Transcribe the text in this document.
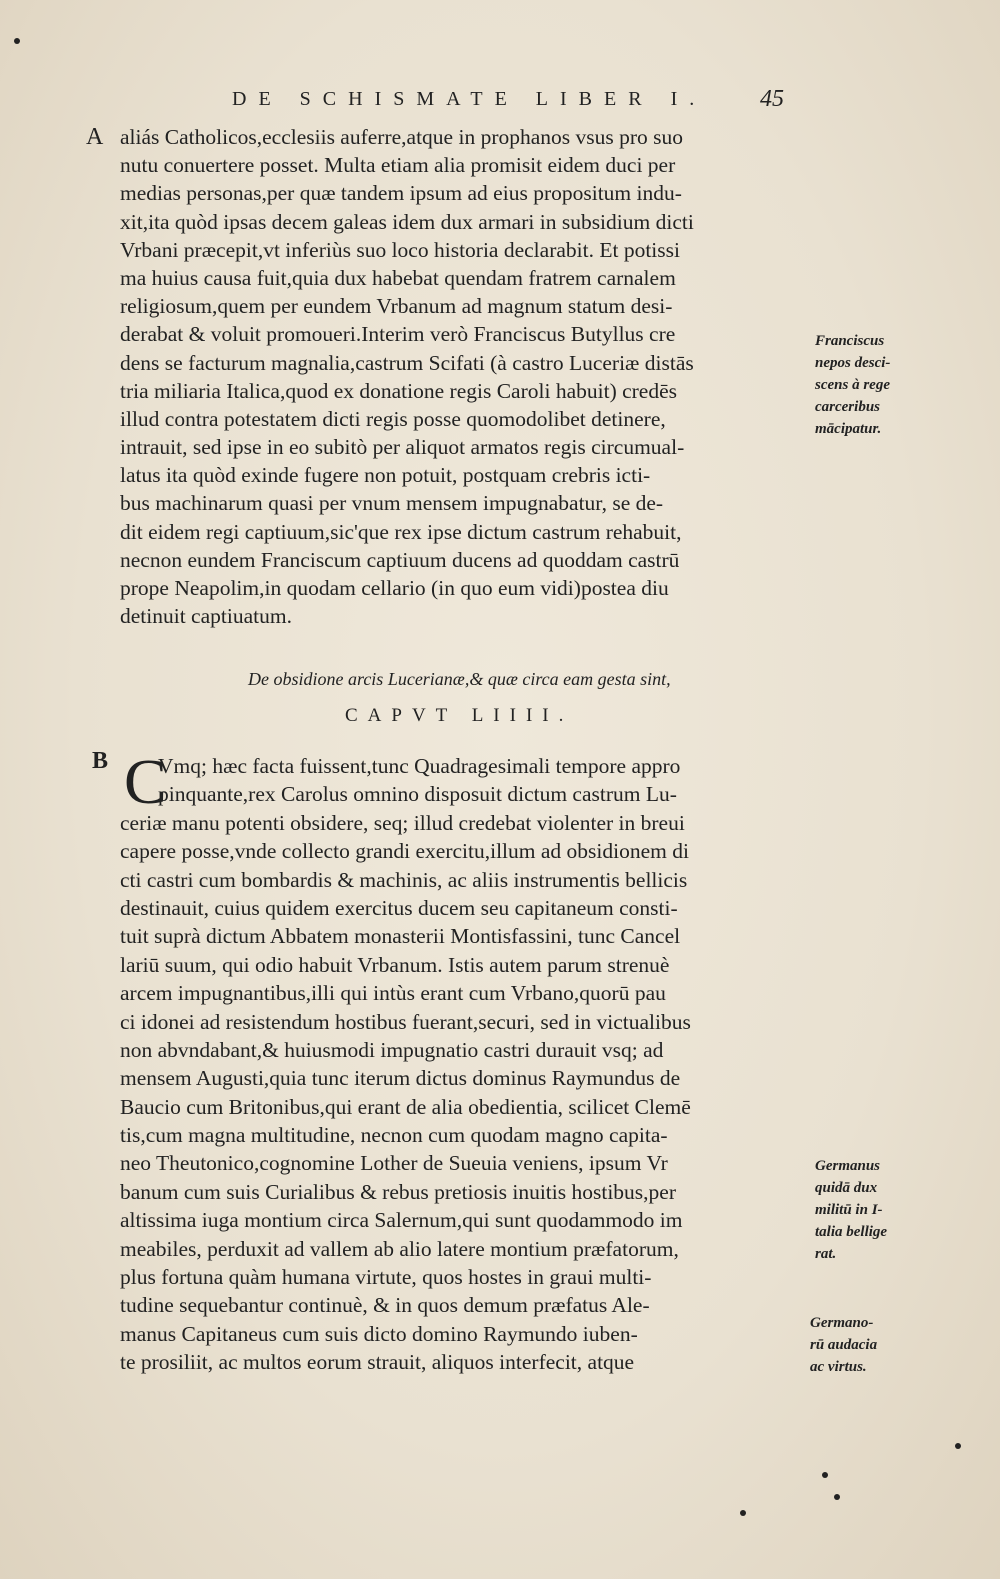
DE SCHISMATE LIBER I. 45
A
B
aliás Catholicos,ecclesiis auferre,atque in prophanos vsus pro suo
nutu conuertere posset. Multa etiam alia promisit eidem duci per
medias personas,per quæ tandem ipsum ad eius propositum indu-
xit,ita quòd ipsas decem galeas idem dux armari in subsidium dicti
Vrbani præcepit,vt inferiùs suo loco historia declarabit. Et potissi
ma huius causa fuit,quia dux habebat quendam fratrem carnalem
religiosum,quem per eundem Vrbanum ad magnum statum desi-
derabat & voluit promoueri.Interim verò Franciscus Butyllus cre
dens se facturum magnalia,castrum Scifati (à castro Luceriæ distās
tria miliaria Italica,quod ex donatione regis Caroli habuit) credēs
illud contra potestatem dicti regis posse quomodolibet detinere,
intrauit, sed ipse in eo subitò per aliquot armatos regis circumual-
latus ita quòd exinde fugere non potuit, postquam crebris icti-
bus machinarum quasi per vnum mensem impugnabatur, se de-
dit eidem regi captiuum,sic'que rex ipse dictum castrum rehabuit,
necnon eundem Franciscum captiuum ducens ad quoddam castrū
prope Neapolim,in quodam cellario (in quo eum vidi)postea diu
detinuit captiuatum.
De obsidione arcis Lucerianæ,& quæ circa eam gesta sint,
CAPVT LIIII.
C
Vmq; hæc facta fuissent,tunc Quadragesimali tempore appro
pinquante,rex Carolus omnino disposuit dictum castrum Lu-
ceriæ manu potenti obsidere, seq; illud credebat violenter in breui
capere posse,vnde collecto grandi exercitu,illum ad obsidionem di
cti castri cum bombardis & machinis, ac aliis instrumentis bellicis
destinauit, cuius quidem exercitus ducem seu capitaneum consti-
tuit suprà dictum Abbatem monasterii Montisfassini, tunc Cancel
lariū suum, qui odio habuit Vrbanum. Istis autem parum strenuè
arcem impugnantibus,illi qui intùs erant cum Vrbano,quorū pau
ci idonei ad resistendum hostibus fuerant,securi, sed in victualibus
non abvndabant,& huiusmodi impugnatio castri durauit vsq; ad
mensem Augusti,quia tunc iterum dictus dominus Raymundus de
Baucio cum Britonibus,qui erant de alia obedientia, scilicet Clemē
tis,cum magna multitudine, necnon cum quodam magno capita-
neo Theutonico,cognomine Lother de Sueuia veniens, ipsum Vr
banum cum suis Curialibus & rebus pretiosis inuitis hostibus,per
altissima iuga montium circa Salernum,qui sunt quodammodo im
meabiles, perduxit ad vallem ab alio latere montium præfatorum,
plus fortuna quàm humana virtute, quos hostes in graui multi-
tudine sequebantur continuè, & in quos demum præfatus Ale-
manus Capitaneus cum suis dicto domino Raymundo iuben-
te prosiliit, ac multos eorum strauit, aliquos interfecit, atque
Franciscus
nepos desci-
scens à rege
carceribus
mācipatur.
Germanus
quidā dux
militū in I-
talia bellige
rat.
Germano-
rū audacia
ac virtus.
